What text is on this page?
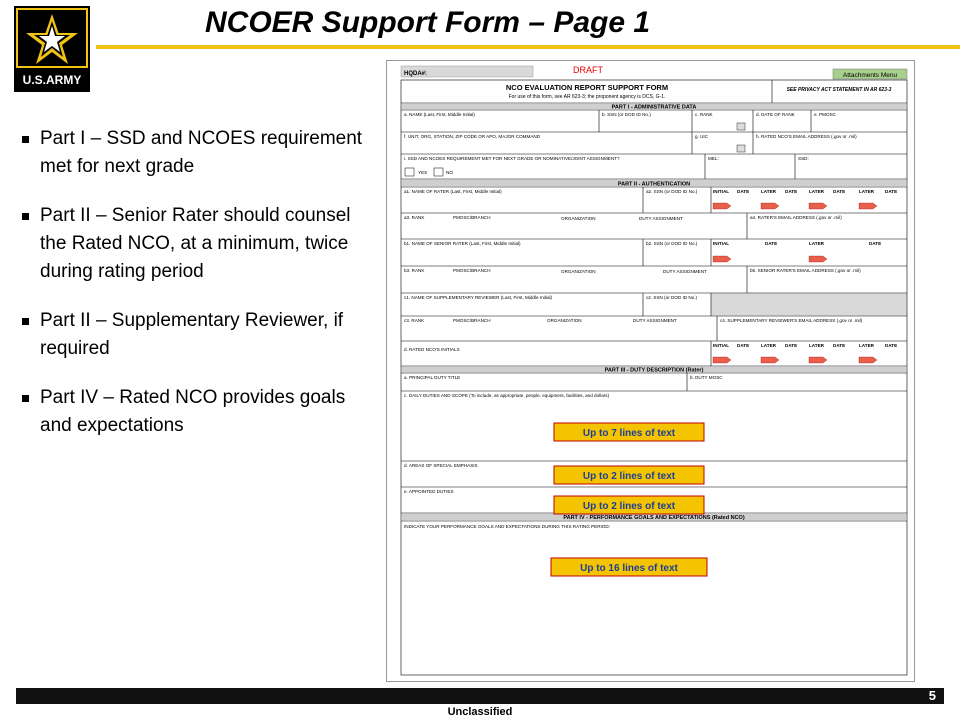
U.S.ARMY
NCOER Support Form – Page 1
Part I – SSD and NCOES requirement met for next grade
Part II – Senior Rater should counsel the Rated NCO, at a minimum, twice during rating period
Part II – Supplementary Reviewer, if required
Part IV – Rated NCO provides goals and expectations
HQDA#:	DRAFT
Attachments Menu
NCO EVALUATION REPORT SUPPORT FORM
For use of this form, see AR 623-3; the proponent agency is DCS, G-1.
SEE PRIVACY ACT STATEMENT IN AR 623-3
PART I - ADMINISTRATIVE DATA
PART II - AUTHENTICATION
PART III - DUTY DESCRIPTION (Rater)
PART IV - PERFORMANCE GOALS AND EXPECTATIONS (Rated NCO)
a. NAME (Last, First, Middle Initial)	b. SSN (or DOD ID No.)	c. RANK	d. DATE OF RANK	e. PMOSC
f. UNIT, ORG, STATION, ZIP CODE OR APO, MAJOR COMMAND	g. UIC	h. RATED NCO'S EMAIL ADDRESS (.gov or .mil)
i. SSD AND NCOES REQUIREMENT MET FOR NEXT GRADE OR NOMINATIVE/JOINT ASSIGNMENT?	MEL:	SSD:
YES	NO
a1. NAME OF RATER (Last, First, Middle Initial)	a2. SSN (or DOD ID No.)
a3. RANK	PMOSC/BRANCH	ORGANIZATION	DUTY ASSIGNMENT	a4. RATER'S EMAIL ADDRESS (.gov or .mil)
b1. NAME OF SENIOR RATER (Last, First, Middle Initial)	b2. SSN (or DOD ID No.)
b3. RANK	PMOSC/BRANCH	ORGANIZATION	DUTY ASSIGNMENT	b6. SENIOR RATER'S EMAIL ADDRESS (.gov or .mil)
c1. NAME OF SUPPLEMENTARY REVIEWER (Last, First, Middle Initial)	c2. SSN (or DOD ID No.)
c3. RANK	PMOSC/BRANCH	ORGANIZATION	DUTY ASSIGNMENT	c4. SUPPLEMENTARY REVIEWER'S EMAIL ADDRESS (.gov or .mil)
d. RATED NCO'S INITIALS
INITIAL DATE	LATER DATE	LATER DATE	LATER DATE
INITIAL	DATE	LATER	DATE
INITIAL DATE	LATER DATE	LATER DATE	LATER DATE
a. PRINCIPAL DUTY TITLE	b. DUTY MOSC
c. DAILY DUTIES AND SCOPE (To include, as appropriate, people, equipment, facilities, and dollars)
d. AREAS OF SPECIAL EMPHASIS
e. APPOINTED DUTIES
INDICATE YOUR PERFORMANCE GOALS AND EXPECTATIONS DURING THIS RATING PERIOD:
Up to 7 lines of text
Up to 2 lines of text
Up to 2 lines of text
Up to 16 lines of text
5
Unclassified
